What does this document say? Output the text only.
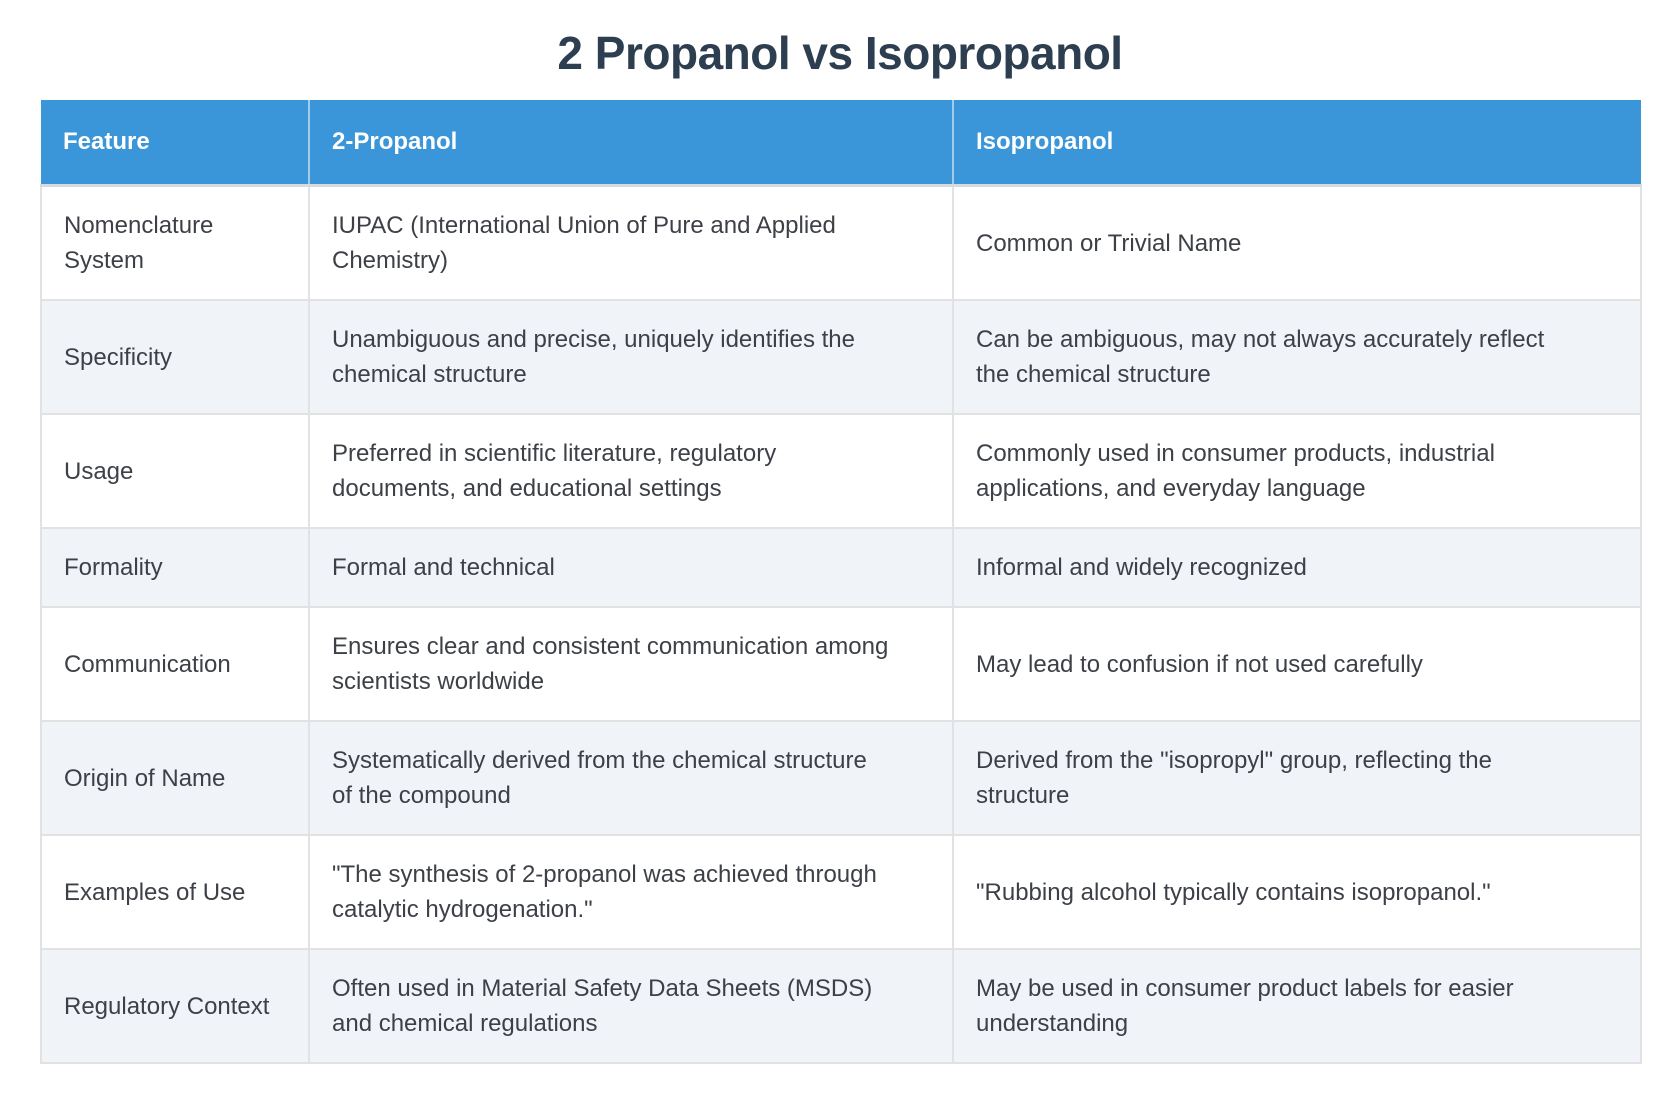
2 Propanol vs Isopropanol
Feature	2-Propanol	Isopropanol

Nomenclature System	IUPAC (International Union of Pure and Applied Chemistry)	Common or Trivial Name

Specificity	Unambiguous and precise, uniquely identifies the chemical structure	Can be ambiguous, may not always accurately reflect the chemical structure

Usage	Preferred in scientific literature, regulatory documents, and educational settings	Commonly used in consumer products, industrial applications, and everyday language

Formality	Formal and technical	Informal and widely recognized

Communication	Ensures clear and consistent communication among scientists worldwide	May lead to confusion if not used carefully

Origin of Name	Systematically derived from the chemical structure of the compound	Derived from the "isopropyl" group, reflecting the structure

Examples of Use	"The synthesis of 2-propanol was achieved through catalytic hydrogenation."	"Rubbing alcohol typically contains isopropanol."

Regulatory Context	Often used in Material Safety Data Sheets (MSDS) and chemical regulations	May be used in consumer product labels for easier understanding
